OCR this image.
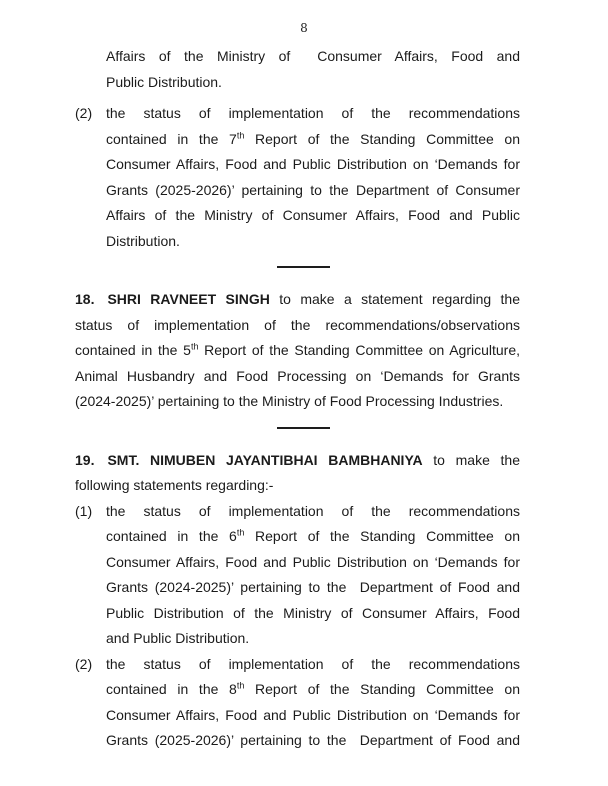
8
Affairs of the Ministry of  Consumer Affairs, Food and
Public Distribution.
(2) the status of implementation of the recommendations
contained in the 7th Report of the Standing Committee on
Consumer Affairs, Food and Public Distribution on ‘Demands for
Grants (2025-2026)’ pertaining to the Department of Consumer
Affairs of the Ministry of Consumer Affairs, Food and Public
Distribution.
18. SHRI RAVNEET SINGH to make a statement regarding the
status of implementation of the recommendations/observations
contained in the 5th Report of the Standing Committee on Agriculture,
Animal Husbandry and Food Processing on ‘Demands for Grants
(2024-2025)’ pertaining to the Ministry of Food Processing Industries.
19. SMT. NIMUBEN JAYANTIBHAI BAMBHANIYA to make the
following statements regarding:-
(1) the status of implementation of the recommendations
contained in the 6th Report of the Standing Committee on
Consumer Affairs, Food and Public Distribution on ‘Demands for
Grants (2024-2025)’ pertaining to the  Department of Food and
Public Distribution of the Ministry of Consumer Affairs, Food
and Public Distribution.
(2) the status of implementation of the recommendations
contained in the 8th Report of the Standing Committee on
Consumer Affairs, Food and Public Distribution on ‘Demands for
Grants (2025-2026)’ pertaining to the  Department of Food and
